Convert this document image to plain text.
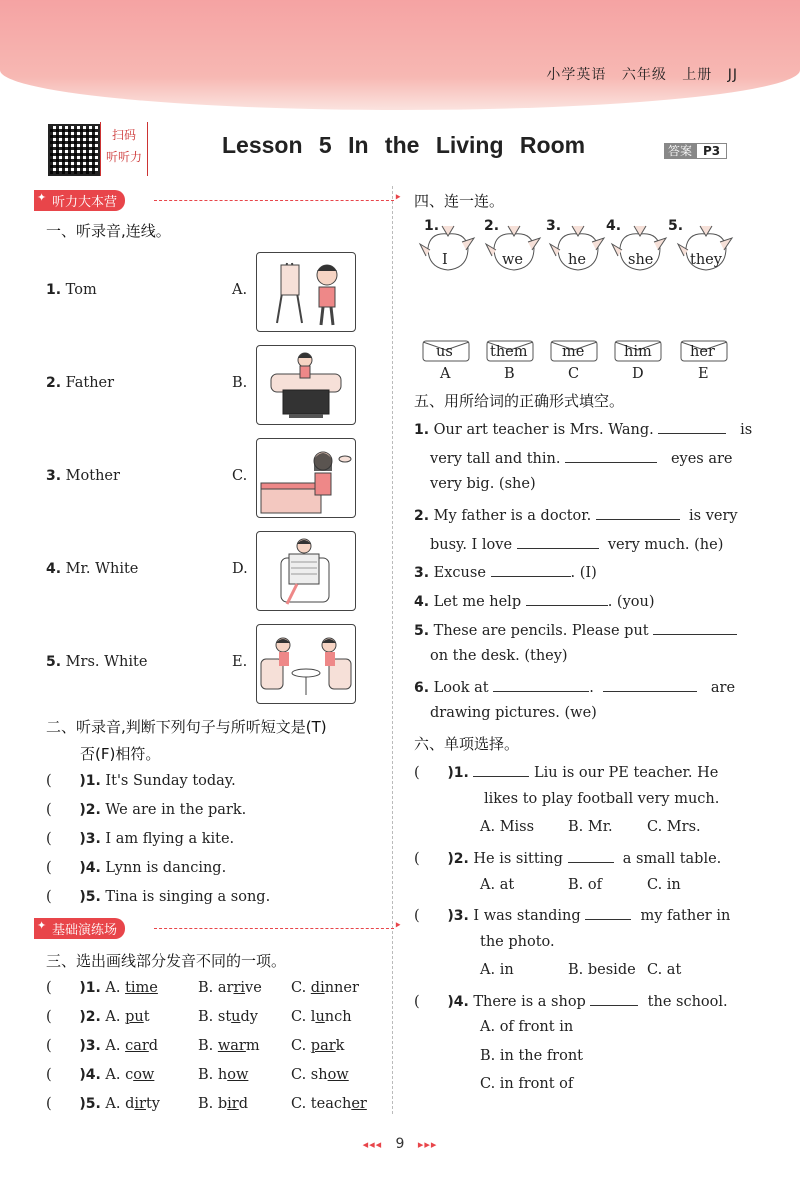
小学英语 六年级 上册 JJ
扫码
听听力	Lesson 5 In the Living Room	答案 P3
✦ 听力大本营
‣
一、听录音,连线。
1. Tom
2. Father
3. Mother
4. Mr. White
5. Mrs. White
A.
B.
C.
D.
E.
二、听录音,判断下列句子与所听短文是(T)
否(F)相符。
(      )1. It's Sunday today.
(      )2. We are in the park.
(      )3. I am flying a kite.
(      )4. Lynn is dancing.
(      )5. Tina is singing a song.
✦ 基础演练场
‣
三、选出画线部分发音不同的一项。
(      )1. A. time	B. arrive C. dinner
(      )2. A. put	B. study C. lunch
(      )3. A. card	B. warm C. park
(      )4. A. cow	B. how	C. show
(      )5. A. dirty	B. bird	C. teacher
四、连一连。
1.
I
2.
we
3.
he
4.
she
5.
they
us
A
them
B
me
C
him
D
her
E
五、用所给词的正确形式填空。
1. Our art teacher is Mrs. Wang.	is
very tall and thin.	eyes are
very big. (she)
2. My father is a doctor.	is very
busy. I love	very much. (he)
3. Excuse	. (I)
4. Let me help	. (you)
5. These are pencils. Please put
on the desk. (they)
6. Look at	.	are
drawing pictures. (we)
六、单项选择。
(      )1.	Liu is our PE teacher. He
likes to play football very much.
A. Miss B. Mr. C. Mrs.
(      )2. He is sitting	a small table.
A. at	B. of	C. in
(      )3. I was standing	my father in
the photo.
A. in	B. beside C. at
(      )4. There is a shop	the school.
A. of front in
B. in the front
C. in front of
◂◂◂ 9 ▸▸▸
